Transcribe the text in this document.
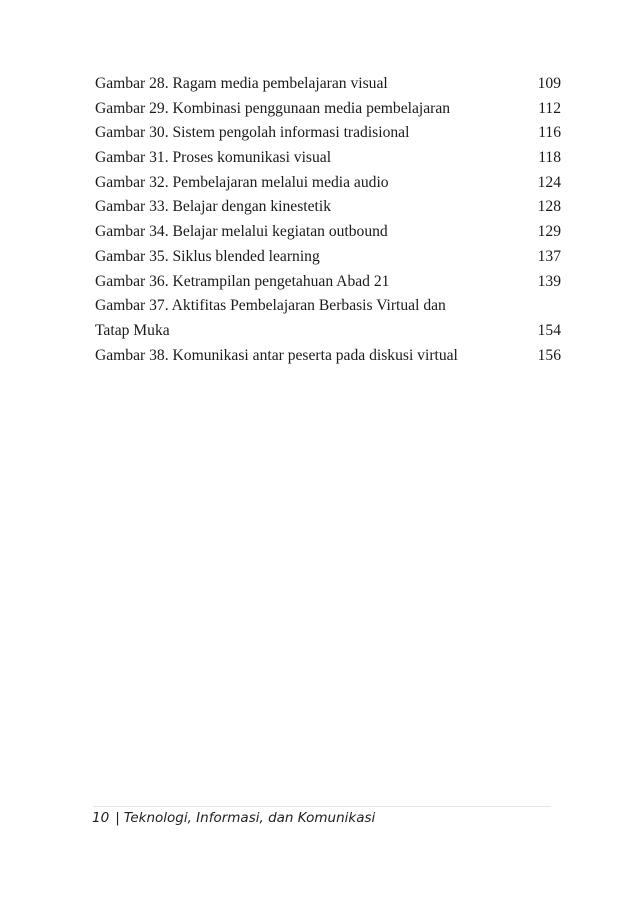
Gambar 28. Ragam media pembelajaran visual	109
Gambar 29. Kombinasi penggunaan media pembelajaran	112
Gambar 30. Sistem pengolah informasi tradisional	116
Gambar 31. Proses komunikasi visual	118
Gambar 32. Pembelajaran melalui media audio	124
Gambar 33. Belajar dengan kinestetik	128
Gambar 34. Belajar melalui kegiatan outbound	129
Gambar 35. Siklus blended learning	137
Gambar 36. Ketrampilan pengetahuan Abad 21	139
Gambar 37. Aktifitas Pembelajaran Berbasis Virtual dan
Tatap Muka	154
Gambar 38. Komunikasi antar peserta pada diskusi virtual	156
10 | Teknologi, Informasi, dan Komunikasi
